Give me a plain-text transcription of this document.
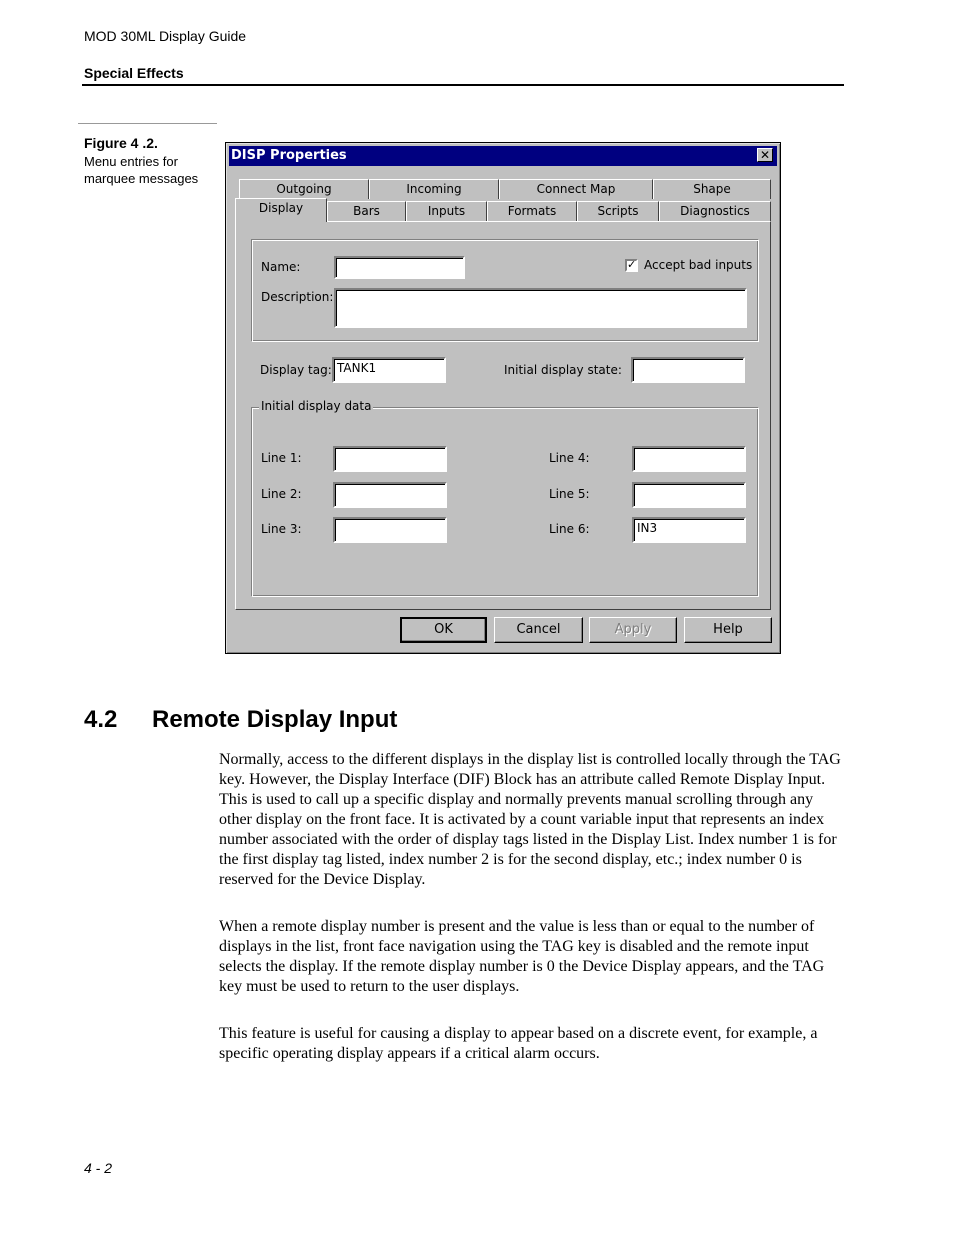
MOD 30ML Display Guide
Special Effects
Figure 4 .2.
Menu entries for marquee messages
DISP Properties	✕
Outgoing	Incoming	Connect Map	Shape
Display	Bars	Inputs	Formats	Scripts	Diagnostics
Name:	✓ Accept bad inputs
Description:
Display tag: TANK1	Initial display state:
Initial display data
Line 1:
Line 2:
Line 3:
Line 4:
Line 5:
Line 6:	IN3
OK	Cancel	Apply	Help
4.2 Remote Display Input
Normally, access to the different displays in the display list is controlled locally through the TAG key. However, the Display Interface (DIF) Block has an attribute called Remote Display Input. This is used to call up a specific display and normally prevents manual scrolling through any other display on the front face. It is activated by a count variable input that represents an index number associated with the order of display tags listed in the Display List. Index number 1 is for the first display tag listed, index number 2 is for the second display, etc.; index number 0 is reserved for the Device Display.
When a remote display number is present and the value is less than or equal to the number of displays in the list, front face navigation using the TAG key is disabled and the remote input selects the display. If the remote display number is 0 the Device Display appears, and the TAG key must be used to return to the user displays.
This feature is useful for causing a display to appear based on a discrete event, for example, a specific operating display appears if a critical alarm occurs.
4 - 2
